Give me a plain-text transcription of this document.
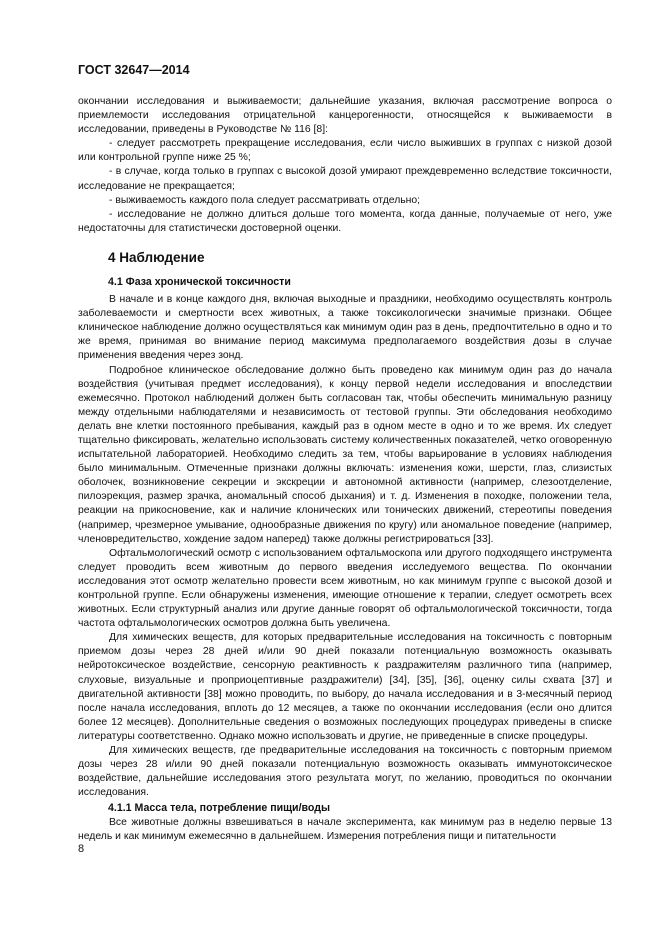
ГОСТ 32647—2014

окончании исследования и выживаемости; дальнейшие указания, включая рассмотрение вопроса о приемлемости исследования отрицательной канцерогенности, относящейся к выживаемости в исследовании, приведены в Руководстве № 116 [8]:

- следует рассмотреть прекращение исследования, если число выживших в группах с низкой дозой или контрольной группе ниже 25 %;

- в случае, когда только в группах с высокой дозой умирают преждевременно вследствие токсичности, исследование не прекращается;

- выживаемость каждого пола следует рассматривать отдельно;

- исследование не должно длиться дольше того момента, когда данные, получаемые от него, уже недостаточны для статистически достоверной оценки.

4 Наблюдение
4.1 Фаза хронической токсичности

В начале и в конце каждого дня, включая выходные и праздники, необходимо осуществлять контроль заболеваемости и смертности всех животных, а также токсикологически значимые признаки. Общее клиническое наблюдение должно осуществляться как минимум один раз в день, предпочтительно в одно и то же время, принимая во внимание период максимума предполагаемого воздействия дозы в случае применения введения через зонд.

Подробное клиническое обследование должно быть проведено как минимум один раз до начала воздействия (учитывая предмет исследования), к концу первой недели исследования и впоследствии ежемесячно. Протокол наблюдений должен быть согласован так, чтобы обеспечить минимальную разницу между отдельными наблюдателями и независимость от тестовой группы. Эти обследования необходимо делать вне клетки постоянного пребывания, каждый раз в одном месте в одно и то же время. Их следует тщательно фиксировать, желательно использовать систему количественных показателей, четко оговоренную испытательной лабораторией. Необходимо следить за тем, чтобы варьирование в условиях наблюдения было минимальным. Отмеченные признаки должны включать: изменения кожи, шерсти, глаз, слизистых оболочек, возникновение секреции и экскреции и автономной активности (например, слезоотделение, пилоэрекция, размер зрачка, аномальный способ дыхания) и т. д. Изменения в походке, положении тела, реакции на прикосновение, как и наличие клонических или тонических движений, стереотипы поведения (например, чрезмерное умывание, однообразные движения по кругу) или аномальное поведение (например, членовредительство, хождение задом наперед) также должны регистрироваться [33].

Офтальмологический осмотр с использованием офтальмоскопа или другого подходящего инструмента следует проводить всем животным до первого введения исследуемого вещества. По окончании исследования этот осмотр желательно провести всем животным, но как минимум группе с высокой дозой и контрольной группе. Если обнаружены изменения, имеющие отношение к терапии, следует осмотреть всех животных. Если структурный анализ или другие данные говорят об офтальмологической токсичности, тогда частота офтальмологических осмотров должна быть увеличена.

Для химических веществ, для которых предварительные исследования на токсичность с повторным приемом дозы через 28 дней и/или 90 дней показали потенциальную возможность оказывать нейротоксическое воздействие, сенсорную реактивность к раздражителям различного типа (например, слуховые, визуальные и проприоцептивные раздражители) [34], [35], [36], оценку силы схвата [37] и двигательной активности [38] можно проводить, по выбору, до начала исследования и в 3-месячный период после начала исследования, вплоть до 12 месяцев, а также по окончании исследования (если оно длится более 12 месяцев). Дополнительные сведения о возможных последующих процедурах приведены в списке литературы соответственно. Однако можно использовать и другие, не приведенные в списке процедуры.

Для химических веществ, где предварительные исследования на токсичность с повторным приемом дозы через 28 и/или 90 дней показали потенциальную возможность оказывать иммунотоксическое воздействие, дальнейшие исследования этого результата могут, по желанию, проводиться по окончании исследования.

4.1.1 Масса тела, потребление пищи/воды

Все животные должны взвешиваться в начале эксперимента, как минимум раз в неделю первые 13 недель и как минимум ежемесячно в дальнейшем. Измерения потребления пищи и питательности

8
